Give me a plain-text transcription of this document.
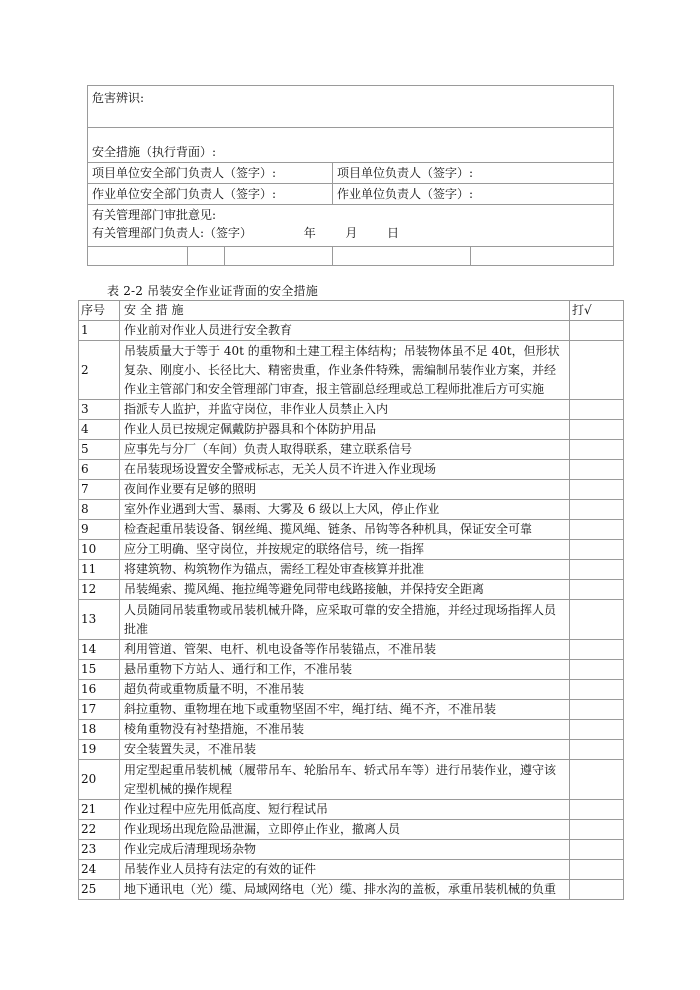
危害辨识:				

安全措施（执行背面）:				
项目单位安全部门负责人（签字）:			项目单位负责人（签字）:	
作业单位安全部门负责人（签字）:			作业单位负责人（签字）:	

有关管理部门审批意见:
有关管理部门负责人:（签字） 年 月 日				

表 2-2 吊装安全作业证背面的安全措施
序号	安 全 措 施	打√
1	作业前对作业人员进行安全教育	
2	吊装质量大于等于 40t 的重物和土建工程主体结构；吊装物体虽不足 40t，但形状复杂、刚度小、长径比大、精密贵重，作业条件特殊，需编制吊装作业方案，并经作业主管部门和安全管理部门审查，报主管副总经理或总工程师批准后方可实施	
3	指派专人监护，并监守岗位，非作业人员禁止入内	
4	作业人员已按规定佩戴防护器具和个体防护用品	
5	应事先与分厂（车间）负责人取得联系，建立联系信号	
6	在吊装现场设置安全警戒标志，无关人员不许进入作业现场	
7	夜间作业要有足够的照明	
8	室外作业遇到大雪、暴雨、大雾及 6 级以上大风，停止作业	
9	检查起重吊装设备、钢丝绳、揽风绳、链条、吊钩等各种机具，保证安全可靠	
10	应分工明确、坚守岗位，并按规定的联络信号，统一指挥	
11	将建筑物、构筑物作为锚点，需经工程处审查核算并批准	
12	吊装绳索、揽风绳、拖拉绳等避免同带电线路接触，并保持安全距离	
13	人员随同吊装重物或吊装机械升降，应采取可靠的安全措施，并经过现场指挥人员批准	
14	利用管道、管架、电杆、机电设备等作吊装锚点，不准吊装	
15	悬吊重物下方站人、通行和工作，不准吊装	
16	超负荷或重物质量不明，不准吊装	
17	斜拉重物、重物埋在地下或重物坚固不牢，绳打结、绳不齐，不准吊装	
18	棱角重物没有衬垫措施，不准吊装	
19	安全装置失灵，不准吊装	
20	用定型起重吊装机械（履带吊车、轮胎吊车、轿式吊车等）进行吊装作业，遵守该定型机械的操作规程	
21	作业过程中应先用低高度、短行程试吊	
22	作业现场出现危险品泄漏，立即停止作业，撤离人员	
23	作业完成后清理现场杂物	
24	吊装作业人员持有法定的有效的证件	
25	地下通讯电（光）缆、局域网络电（光）缆、排水沟的盖板，承重吊装机械的负重	
